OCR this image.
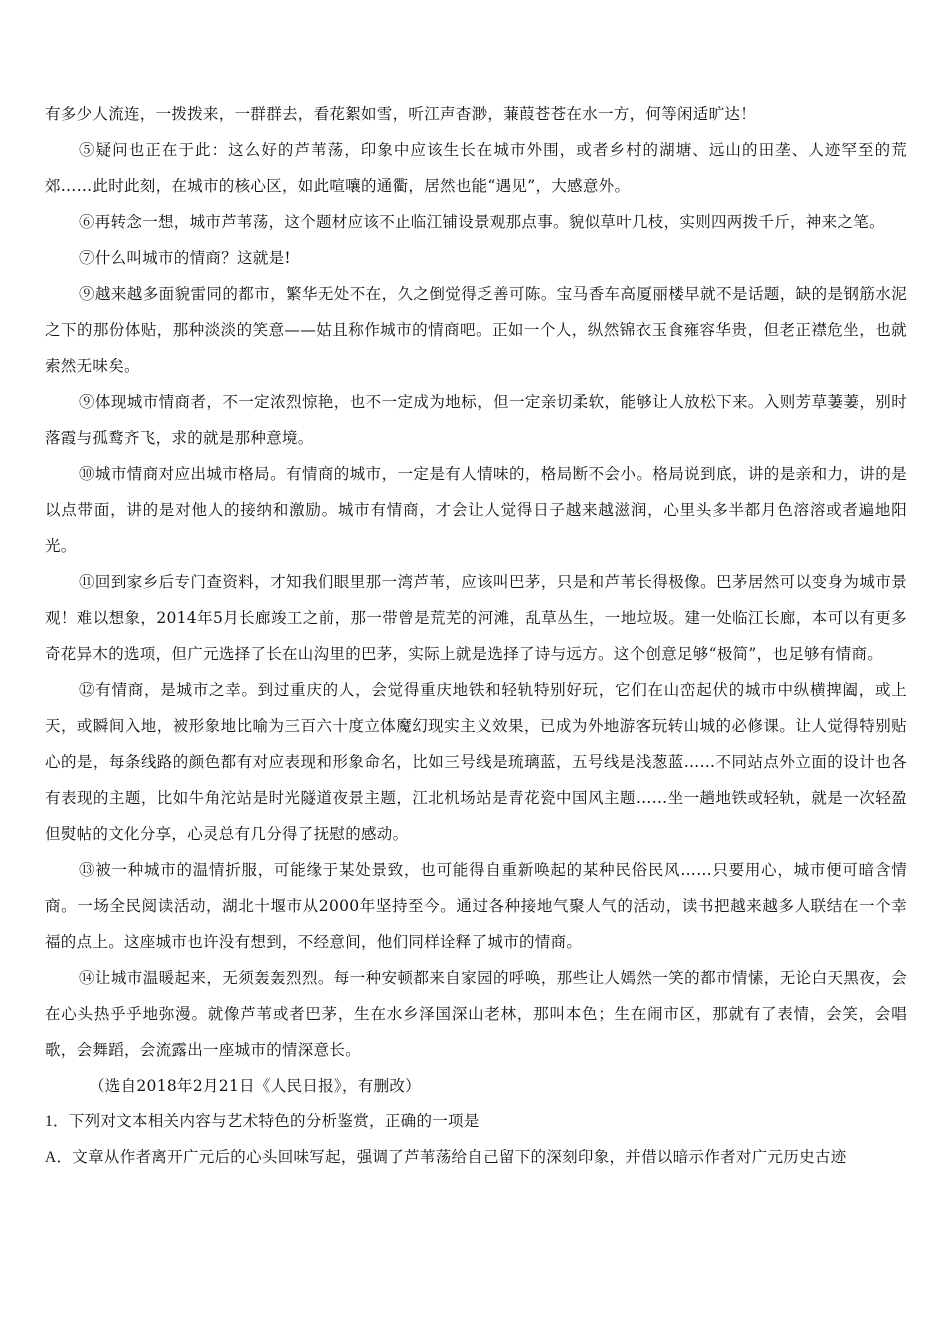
有多少人流连，一拨拨来，一群群去，看花絮如雪，听江声杳渺，蒹葭苍苍在水一方，何等闲适旷达！

⑤疑问也正在于此：这么好的芦苇荡，印象中应该生长在城市外围，或者乡村的湖塘、远山的田垄、人迹罕至的荒郊……此时此刻，在城市的核心区，如此喧嚷的通衢，居然也能“遇见”，大感意外。

⑥再转念一想，城市芦苇荡，这个题材应该不止临江铺设景观那点事。貌似草叶几枝，实则四两拨千斤，神来之笔。

⑦什么叫城市的情商？这就是!

⑨越来越多面貌雷同的都市，繁华无处不在，久之倒觉得乏善可陈。宝马香车高厦丽楼早就不是话题，缺的是钢筋水泥之下的那份体贴，那种淡淡的笑意——姑且称作城市的情商吧。正如一个人，纵然锦衣玉食雍容华贵，但老正襟危坐，也就索然无味矣。

⑨体现城市情商者，不一定浓烈惊艳，也不一定成为地标，但一定亲切柔软，能够让人放松下来。入则芳草萋萋，别时落霞与孤鹜齐飞，求的就是那种意境。

⑩城市情商对应出城市格局。有情商的城市，一定是有人情味的，格局断不会小。格局说到底，讲的是亲和力，讲的是以点带面，讲的是对他人的接纳和激励。城市有情商，才会让人觉得日子越来越滋润，心里头多半都月色溶溶或者遍地阳光。

⑪回到家乡后专门查资料，才知我们眼里那一湾芦苇，应该叫巴茅，只是和芦苇长得极像。巴茅居然可以变身为城市景观！难以想象，2014年5月长廊竣工之前，那一带曾是荒芜的河滩，乱草丛生，一地垃圾。建一处临江长廊，本可以有更多奇花异木的选项，但广元选择了长在山沟里的巴茅，实际上就是选择了诗与远方。这个创意足够“极简”，也足够有情商。

⑫有情商，是城市之幸。到过重庆的人，会觉得重庆地铁和轻轨特别好玩，它们在山峦起伏的城市中纵横捭阖，或上天，或瞬间入地，被形象地比喻为三百六十度立体魔幻现实主义效果，已成为外地游客玩转山城的必修课。让人觉得特别贴心的是，每条线路的颜色都有对应表现和形象命名，比如三号线是琉璃蓝，五号线是浅葱蓝……不同站点外立面的设计也各有表现的主题，比如牛角沱站是时光隧道夜景主题，江北机场站是青花瓷中国风主题……坐一趟地铁或轻轨，就是一次轻盈但熨帖的文化分享，心灵总有几分得了抚慰的感动。

⑬被一种城市的温情折服，可能缘于某处景致，也可能得自重新唤起的某种民俗民风……只要用心，城市便可暗含情商。一场全民阅读活动，湖北十堰市从2000年坚持至今。通过各种接地气聚人气的活动，读书把越来越多人联结在一个幸福的点上。这座城市也许没有想到，不经意间，他们同样诠释了城市的情商。

⑭让城市温暖起来，无须轰轰烈烈。每一种安顿都来自家园的呼唤，那些让人嫣然一笑的都市情愫，无论白天黑夜，会在心头热乎乎地弥漫。就像芦苇或者巴茅，生在水乡泽国深山老林，那叫本色；生在闹市区，那就有了表情，会笑，会唱歌，会舞蹈，会流露出一座城市的情深意长。

（选自2018年2月21日《人民日报》，有删改）

1．下列对文本相关内容与艺术特色的分析鉴赏，正确的一项是

A．文章从作者离开广元后的心头回味写起，强调了芦苇荡给自己留下的深刻印象，并借以暗示作者对广元历史古迹
